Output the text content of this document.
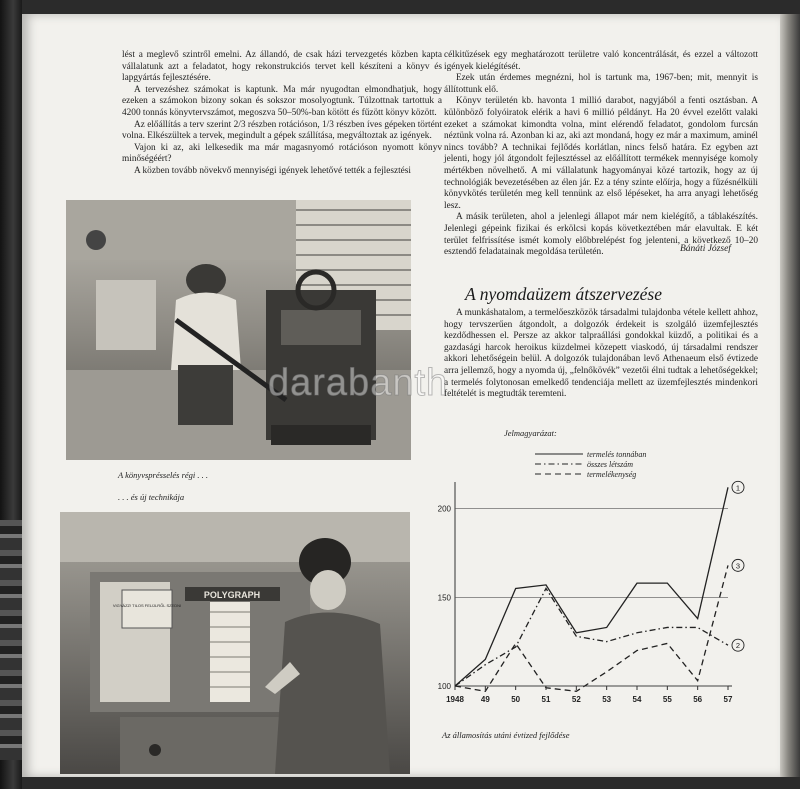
lést a meglevő szintről emelni. Az állandó, de csak házi tervezgetés közben kapta vállalatunk azt a feladatot, hogy rekonstrukciós tervet kell készíteni a könyv és lapgyártás fejlesztésére.

A tervezéshez számokat is kaptunk. Ma már nyugodtan elmondhatjuk, hogy ezeken a számokon bizony sokan és sokszor mosolyogtunk. Túlzottnak tartottuk a 4200 tonnás könyvtervszámot, megoszva 50–50%-ban kötött és fűzött könyv között.

Az előállítás a terv szerint 2/3 részben rotációson, 1/3 részben íves gépeken történt volna. Elkészültek a tervek, megindult a gépek szállítása, megváltoztak az igények.

Vajon ki az, aki lelkesedik ma már magasnyomó rotációson nyomott könyv minőségéért?

A közben tovább növekvő mennyiségi igények lehetővé tették a fejlesztési

célkitűzések egy meghatározott területre való koncentrálását, és ezzel a változott igények kielégítését.

Ezek után érdemes megnézni, hol is tartunk ma, 1967-ben; mit, mennyit is állítottunk elő.

Könyv területén kb. havonta 1 millió darabot, nagyjából a fenti osztásban. A különböző folyóiratok elérik a havi 6 millió példányt. Ha 20 évvel ezelőtt valaki ezeket a számokat kimondta volna, mint elérendő feladatot, gondolom furcsán néztünk volna rá. Azonban ki az, aki azt mondaná, hogy ez már a maximum, aminél nincs tovább? A technikai fejlődés korlátlan, nincs felső határa. Ez egyben azt jelenti, hogy jól átgondolt fejlesztéssel az előállított termékek mennyisége komoly mértékben növelhető. A mi vállalatunk hagyományai közé tartozik, hogy az új technológiák bevezetésében az élen jár. Ez a tény szinte előírja, hogy a fűzésnélküli könyvkötés területén meg kell tennünk az első lépéseket, ha arra anyagi lehetőség lesz.

A másik területen, ahol a jelenlegi állapot már nem kielégítő, a táblakészítés. Jelenlegi gépeink fizikai és erkölcsi kopás következtében már elavultak. E két terület felfrissítése ismét komoly előbbrelépést fog jelenteni, a következő 10–20 esztendő feladatainak megoldása területén.	Bánáti József
A nyomdaüzem átszervezése

A munkáshatalom, a termelőeszközök társadalmi tulajdonba vétele kellett ahhoz, hogy tervszerűen átgondolt, a dolgozók érdekeit is szolgáló üzemfejlesztés kezdődhessen el. Persze az akkor talpraállási gondokkal küzdő, a politikai és a gazdasági harcok heroikus küzdelmei közepett viaskodó, új társadalmi rendszer akkori lehetőségein belül. A dolgozók tulajdonában levő Athenaeum első évtizede arra jellemző, hogy a nyomda új, „felnőkövék” vezetői élni tudtak a lehetőségekkel; a termelés folytonosan emelkedő tendenciája mellett az üzemfejlesztés mindenkori feltételét is megtudták teremteni.

A könyvsprésselés régi . . .
. . . és új technikája
POLYGRAPH
VIGYÁZZ! TILOS FELÜLRŐL SZEDNI
Jelmagyarázat:
Az államosítás utáni évtized fejlődése
darabanth
100
150
200
1948 49	50	51	52	53	54	55	56	57
termelés tonnában
összes létszám
termelékenység
1
2
3
